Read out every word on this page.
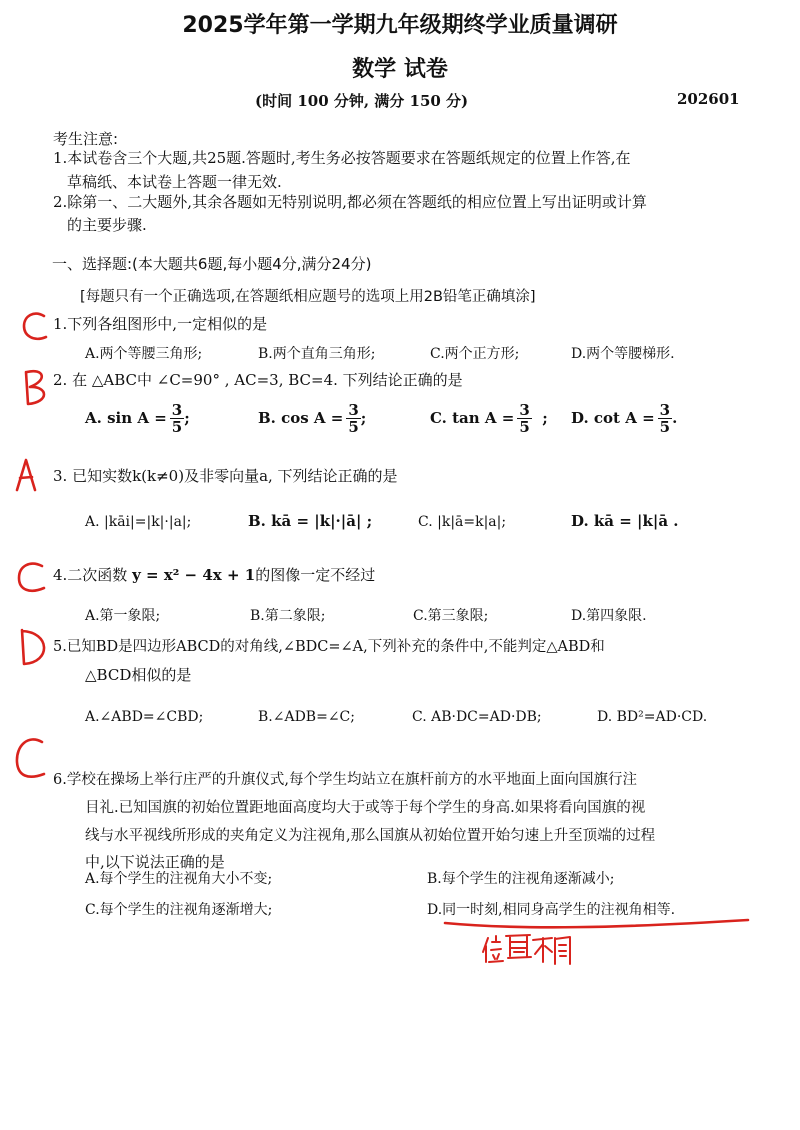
2025学年第一学期九年级期终学业质量调研
数学 试卷
(时间 100 分钟, 满分 150 分)	202601
考生注意:
1.本试卷含三个大题,共25题.答题时,考生务必按答题要求在答题纸规定的位置上作答,在
草稿纸、本试卷上答题一律无效.
2.除第一、二大题外,其余各题如无特别说明,都必须在答题纸的相应位置上写出证明或计算
的主要步骤.
一、选择题:(本大题共6题,每小题4分,满分24分)
[每题只有一个正确选项,在答题纸相应题号的选项上用2B铅笔正确填涂]
1.下列各组图形中,一定相似的是
A.两个等腰三角形;	B.两个直角三角形;	C.两个正方形;	D.两个等腰梯形.
2. 在 △ABC中 ∠C=90° , AC=3, BC=4. 下列结论正确的是
A. $\sin A = \frac{3}{5}$ ;	B. $\cos A = \frac{3}{5}$ ;	C. $\tan A = \frac{3}{5}$ ; D. $\cot A = \frac{3}{5}$ .
3. 已知实数k(k≠0)及非零向量a, 下列结论正确的是
A. |kāi|=|k|·|a|;	B. kā = |k|·|ā| ;	C. |k|ā=k|a|;	D. kā = |k|ā .
4.二次函数 y = x² − 4x + 1的图像一定不经过
A.第一象限;	B.第二象限;	C.第三象限;	D.第四象限.
5.已知BD是四边形ABCD的对角线,∠BDC=∠A,下列补充的条件中,不能判定△ABD和
△BCD相似的是
A.∠ABD=∠CBD;	B.∠ADB=∠C;	C. AB·DC=AD·DB;	D. BD²=AD·CD.
6.学校在操场上举行庄严的升旗仪式,每个学生均站立在旗杆前方的水平地面上面向国旗行注
目礼.已知国旗的初始位置距地面高度均大于或等于每个学生的身高.如果将看向国旗的视
线与水平视线所形成的夹角定义为注视角,那么国旗从初始位置开始匀速上升至顶端的过程
中,以下说法正确的是
A.每个学生的注视角大小不变;	B.每个学生的注视角逐渐减小;
C.每个学生的注视角逐渐增大;	D.同一时刻,相同身高学生的注视角相等.
